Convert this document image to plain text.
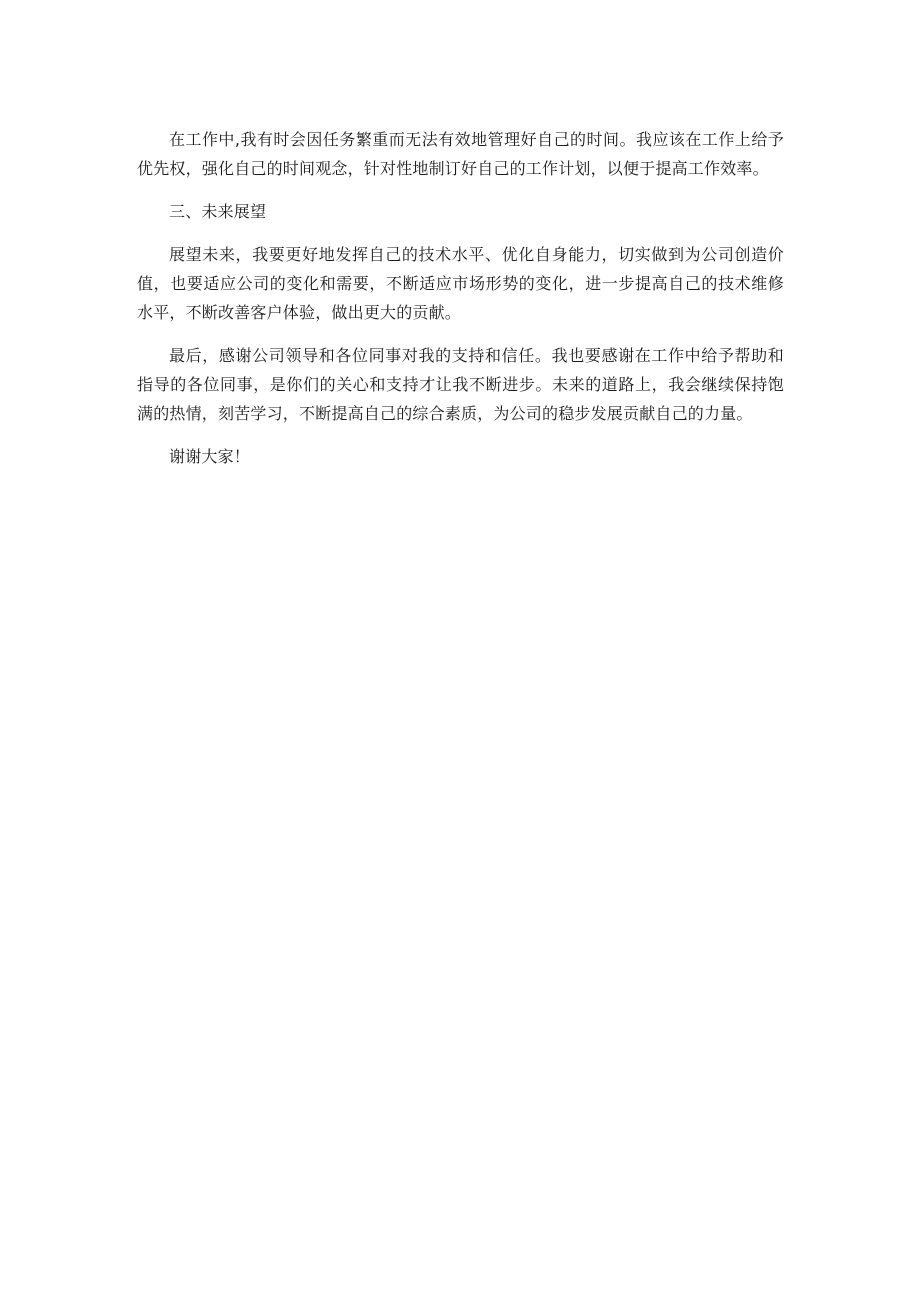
在工作中,我有时会因任务繁重而无法有效地管理好自己的时间。我应该在工作上给予优先权，强化自己的时间观念，针对性地制订好自己的工作计划，以便于提高工作效率。

三、未来展望

展望未来，我要更好地发挥自己的技术水平、优化自身能力，切实做到为公司创造价值，也要适应公司的变化和需要，不断适应市场形势的变化，进一步提高自己的技术维修水平，不断改善客户体验，做出更大的贡献。

最后，感谢公司领导和各位同事对我的支持和信任。我也要感谢在工作中给予帮助和指导的各位同事，是你们的关心和支持才让我不断进步。未来的道路上，我会继续保持饱满的热情，刻苦学习，不断提高自己的综合素质，为公司的稳步发展贡献自己的力量。

谢谢大家！
